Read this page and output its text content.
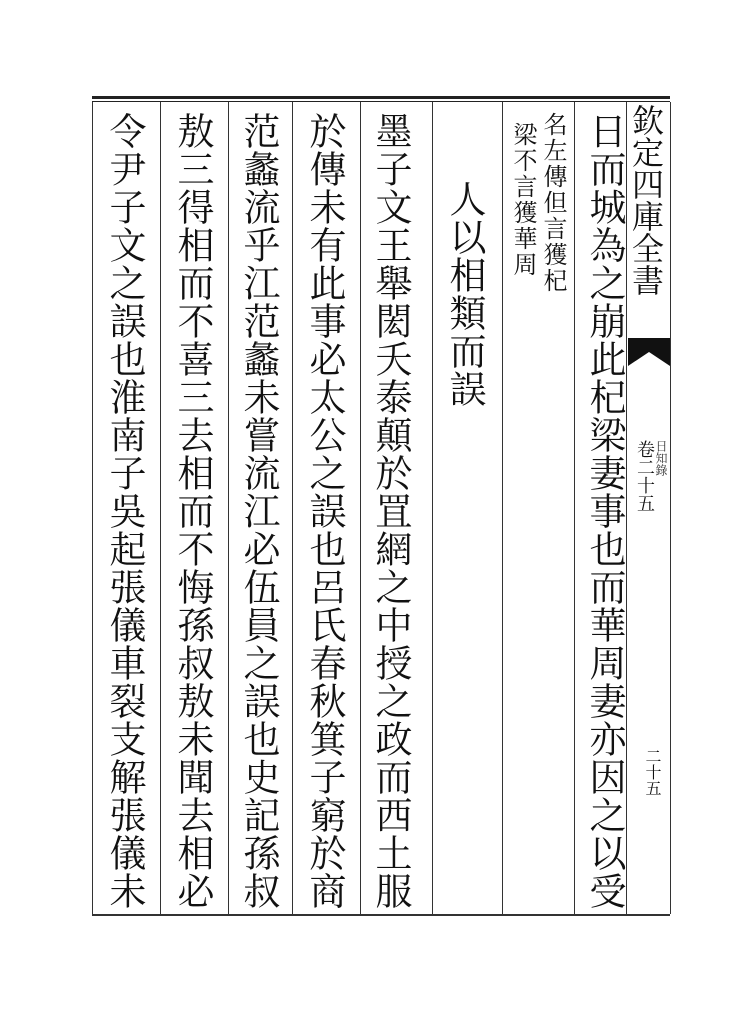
欽定四庫全書
日知錄
卷二十五
二十五
日而城為之崩此杞梁妻事也而華周妻亦因之以受
名左傳但言獲杞
梁不言獲華周
人以相類而誤
墨子文王舉閎夭泰顛於罝網之中授之政而西土服
於傳未有此事必太公之誤也呂氏春秋箕子窮於商
范蠡流乎江范蠡未嘗流江必伍員之誤也史記孫叔
敖三得相而不喜三去相而不悔孫叔敖未聞去相必
令尹子文之誤也淮南子吳起張儀車裂支解張儀未
